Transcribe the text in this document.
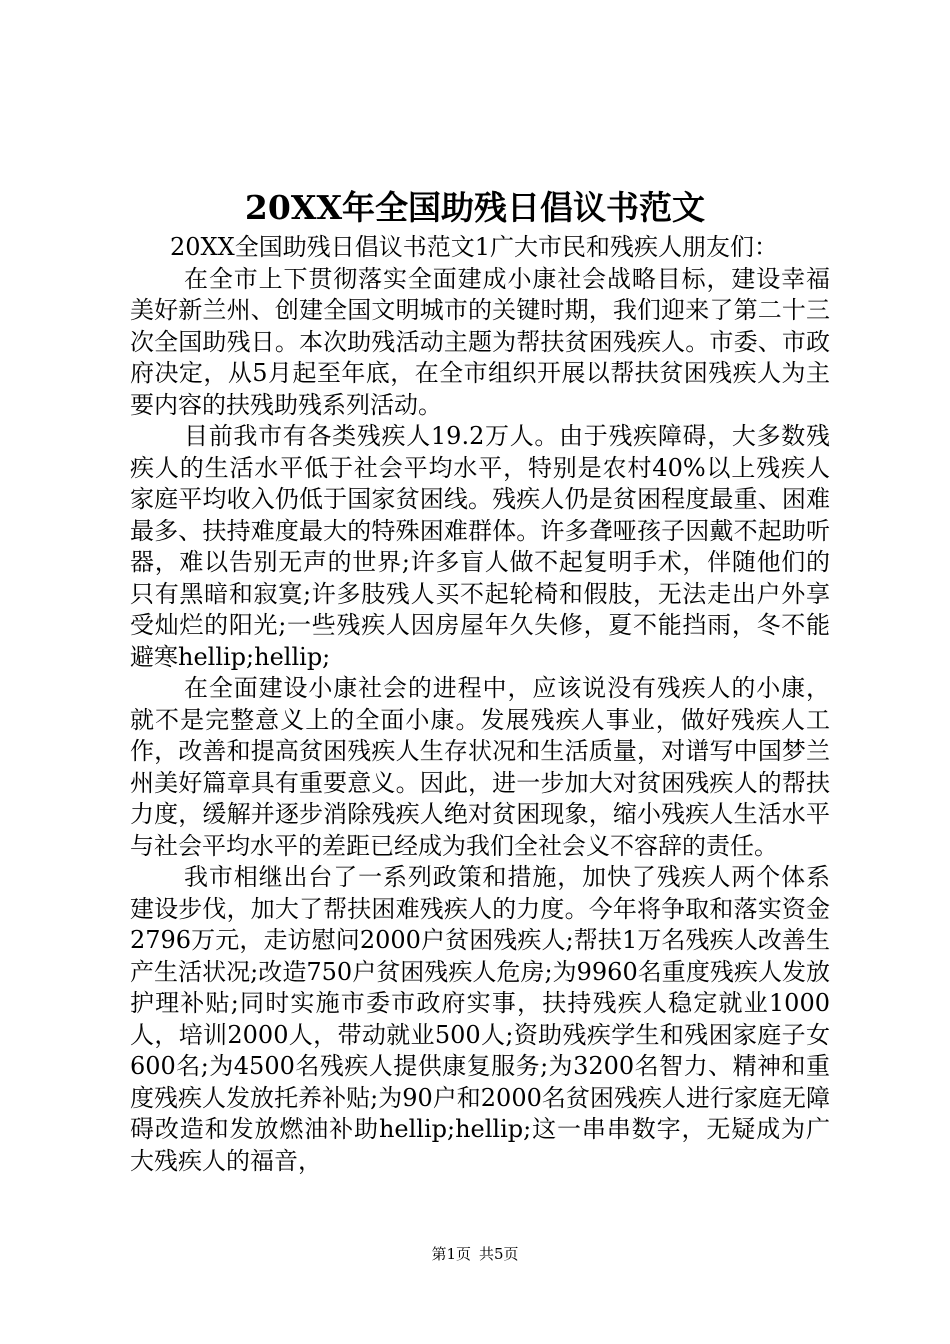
20XX年全国助残日倡议书范文

20XX全国助残日倡议书范文1广大市民和残疾人朋友们：

在全市上下贯彻落实全面建成小康社会战略目标，建设幸福美好新兰州、创建全国文明城市的关键时期，我们迎来了第二十三次全国助残日。本次助残活动主题为帮扶贫困残疾人。市委、市政府决定，从5月起至年底，在全市组织开展以帮扶贫困残疾人为主要内容的扶残助残系列活动。

目前我市有各类残疾人19.2万人。由于残疾障碍，大多数残疾人的生活水平低于社会平均水平，特别是农村40%以上残疾人家庭平均收入仍低于国家贫困线。残疾人仍是贫困程度最重、困难最多、扶持难度最大的特殊困难群体。许多聋哑孩子因戴不起助听器，难以告别无声的世界;许多盲人做不起复明手术，伴随他们的只有黑暗和寂寞;许多肢残人买不起轮椅和假肢，无法走出户外享受灿烂的阳光;一些残疾人因房屋年久失修，夏不能挡雨，冬不能避寒hellip;hellip;

在全面建设小康社会的进程中，应该说没有残疾人的小康，就不是完整意义上的全面小康。发展残疾人事业，做好残疾人工作，改善和提高贫困残疾人生存状况和生活质量，对谱写中国梦兰州美好篇章具有重要意义。因此，进一步加大对贫困残疾人的帮扶力度，缓解并逐步消除残疾人绝对贫困现象，缩小残疾人生活水平与社会平均水平的差距已经成为我们全社会义不容辞的责任。

我市相继出台了一系列政策和措施，加快了残疾人两个体系建设步伐，加大了帮扶困难残疾人的力度。今年将争取和落实资金2796万元，走访慰问2000户贫困残疾人;帮扶1万名残疾人改善生产生活状况;改造750户贫困残疾人危房;为9960名重度残疾人发放护理补贴;同时实施市委市政府实事，扶持残疾人稳定就业1000人，培训2000人，带动就业500人;资助残疾学生和残困家庭子女600名;为4500名残疾人提供康复服务;为3200名智力、精神和重度残疾人发放托养补贴;为90户和2000名贫困残疾人进行家庭无障碍改造和发放燃油补助hellip;hellip;这一串串数字，无疑成为广大残疾人的福音，

第1页 共5页
